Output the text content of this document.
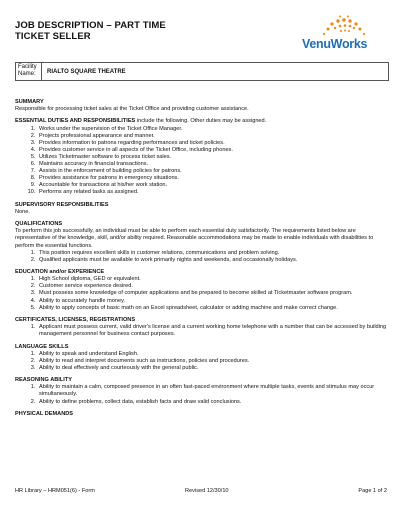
JOB DESCRIPTION – PART TIME
TICKET SELLER
VenuWorks
Facility Name:	RIALTO SQUARE THEATRE
SUMMARY
Responsible for processing ticket sales at the Ticket Office and providing customer assistance.
ESSENTIAL DUTIES AND RESPONSIBILITIES include the following. Other duties may be assigned.
1. Works under the supervision of the Ticket Office Manager.
2. Projects professional appearance and manner.
3. Provides information to patrons regarding performances and ticket policies.
4. Provides customer service in all aspects of the Ticket Office, including phones.
5. Utilizes Ticketmaster software to process ticket sales.
6. Maintains accuracy in financial transactions.
7. Assists in the enforcement of building policies for patrons.
8. Provides assistance for patrons in emergency situations.
9. Accountable for transactions at his/her work station.
10. Performs any related tasks as assigned.
SUPERVISORY RESPONSIBILITIES
None.
QUALIFICATIONS
To perform this job successfully, an individual must be able to perform each essential duty satisfactorily. The requirements listed below are representative of the knowledge, skill, and/or ability required. Reasonable accommodations may be made to enable individuals with disabilities to perform the essential functions.
1. This position requires excellent skills in customer relations, communications and problem solving.
2. Qualified applicants must be available to work primarily nights and weekends, and occasionally holidays.
EDUCATION and/or EXPERIENCE
1. High School diploma, GED or equivalent.
2. Customer service experience desired.
3. Must possess some knowledge of computer applications and be prepared to become skilled at Ticketmaster software program.
4. Ability to accurately handle money.
5. Ability to apply concepts of basic math on an Excel spreadsheet, calculator or adding machine and make correct change.
CERTIFICATES, LICENSES, REGISTRATIONS
1. Applicant must possess current, valid driver's license and a current working home telephone with a number that can be accessed by building management personnel for business contact purposes.
LANGUAGE SKILLS
1. Ability to speak and understand English.
2. Ability to read and interpret documents such as instructions, policies and procedures.
3. Ability to deal effectively and courteously with the general public.
REASONING ABILITY
1. Ability to maintain a calm, composed presence in an often fast-paced environment where multiple tasks, events and stimulus may occur simultaneously.
2. Ability to define problems, collect data, establish facts and draw valid conclusions.
PHYSICAL DEMANDS
HR Library – HRM051(6) - Form	Revised 12/30/10	Page 1 of 2
